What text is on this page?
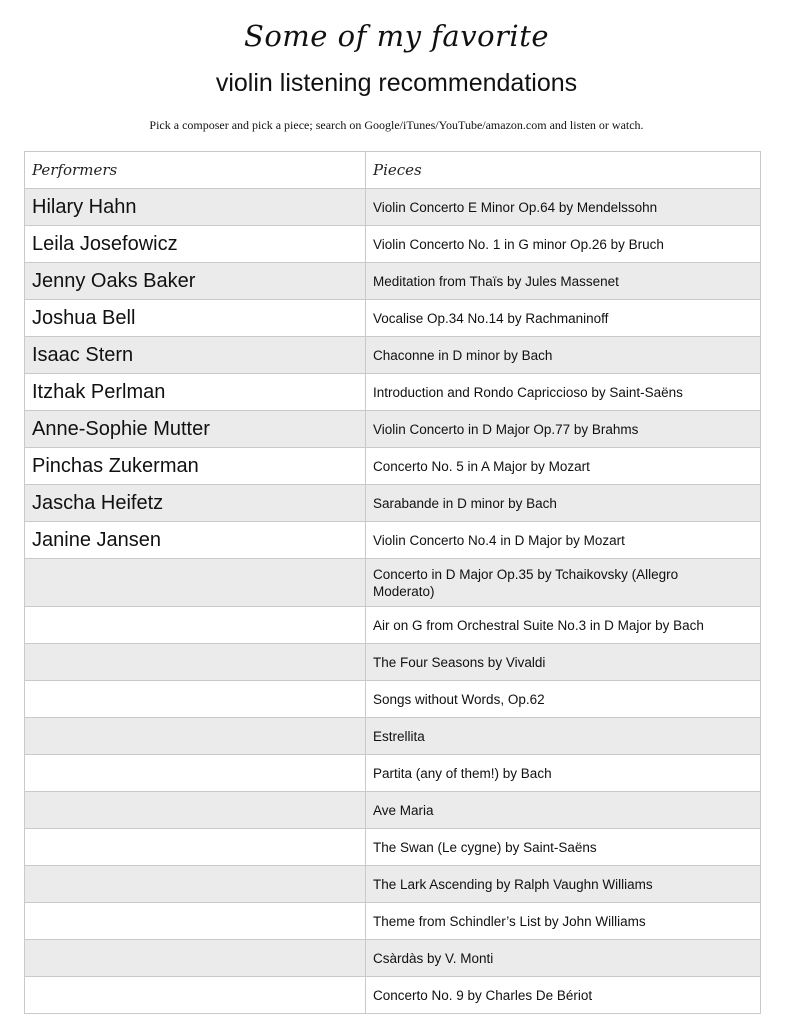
Some of my favorite
violin listening recommendations
Pick a composer and pick a piece; search on Google/iTunes/YouTube/amazon.com and listen or watch.
Performers	Pieces
Hilary Hahn	Violin Concerto E Minor Op.64 by Mendelssohn
Leila Josefowicz	Violin Concerto No. 1 in G minor Op.26 by Bruch
Jenny Oaks Baker	Meditation from Thaïs by Jules Massenet
Joshua Bell	Vocalise Op.34 No.14 by Rachmaninoff
Isaac Stern	Chaconne in D minor by Bach
Itzhak Perlman	Introduction and Rondo Capriccioso by Saint-Saëns
Anne-Sophie Mutter	Violin Concerto in D Major Op.77 by Brahms
Pinchas Zukerman	Concerto No. 5 in A Major by Mozart
Jascha Heifetz	Sarabande in D minor by Bach
Janine Jansen	Violin Concerto No.4 in D Major by Mozart
	Concerto in D Major Op.35 by Tchaikovsky (Allegro Moderato)
	Air on G from Orchestral Suite No.3 in D Major by Bach
	The Four Seasons by Vivaldi
	Songs without Words, Op.62
	Estrellita
	Partita (any of them!) by Bach
	Ave Maria
	The Swan (Le cygne) by Saint-Saëns
	The Lark Ascending by Ralph Vaughn Williams
	Theme from Schindler’s List by John Williams
	Csàrdàs by V. Monti
	Concerto No. 9 by Charles De Bériot
